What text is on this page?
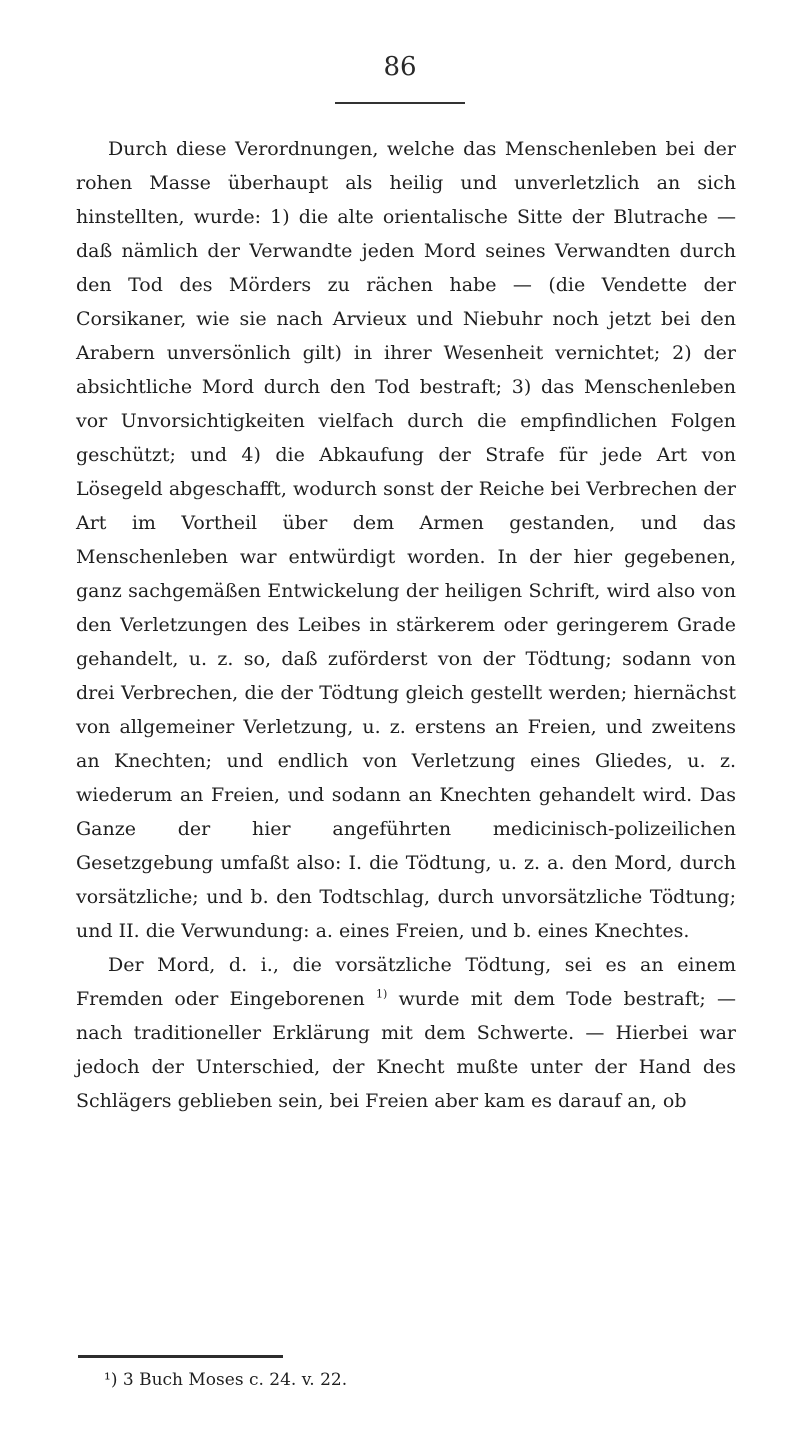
86

Durch diese Verordnungen, welche das Menschenleben bei der rohen Masse überhaupt als heilig und unverletzlich an sich hinstellten, wurde: 1) die alte orientalische Sitte der Blutrache — daß nämlich der Verwandte jeden Mord seines Verwandten durch den Tod des Mörders zu rächen habe — (die Vendette der Corsikaner, wie sie nach Arvieux und Niebuhr noch jetzt bei den Arabern unversönlich gilt) in ihrer Wesenheit vernichtet; 2) der absichtliche Mord durch den Tod bestraft; 3) das Menschenleben vor Unvorsichtigkeiten vielfach durch die empfindlichen Folgen geschützt; und 4) die Abkaufung der Strafe für jede Art von Lösegeld abgeschafft, wodurch sonst der Reiche bei Verbrechen der Art im Vortheil über dem Armen gestanden, und das Menschenleben war entwürdigt worden. In der hier gegebenen, ganz sachgemäßen Entwickelung der heiligen Schrift, wird also von den Verletzungen des Leibes in stärkerem oder geringerem Grade gehandelt, u. z. so, daß zuförderst von der Tödtung; sodann von drei Verbrechen, die der Tödtung gleich gestellt werden; hiernächst von allgemeiner Verletzung, u. z. erstens an Freien, und zweitens an Knechten; und endlich von Verletzung eines Gliedes, u. z. wiederum an Freien, und sodann an Knechten gehandelt wird. Das Ganze der hier angeführten medicinisch-polizeilichen Gesetzgebung umfaßt also: I. die Tödtung, u. z. a. den Mord, durch vorsätzliche; und b. den Todtschlag, durch unvorsätzliche Tödtung; und II. die Verwundung: a. eines Freien, und b. eines Knechtes.

Der Mord, d. i., die vorsätzliche Tödtung, sei es an einem Fremden oder Eingeborenen $^{1)}$ wurde mit dem Tode bestraft; — nach traditioneller Erklärung mit dem Schwerte. — Hierbei war jedoch der Unterschied, der Knecht mußte unter der Hand des Schlägers geblieben sein, bei Freien aber kam es darauf an, ob

¹) 3 Buch Moses c. 24. v. 22.
